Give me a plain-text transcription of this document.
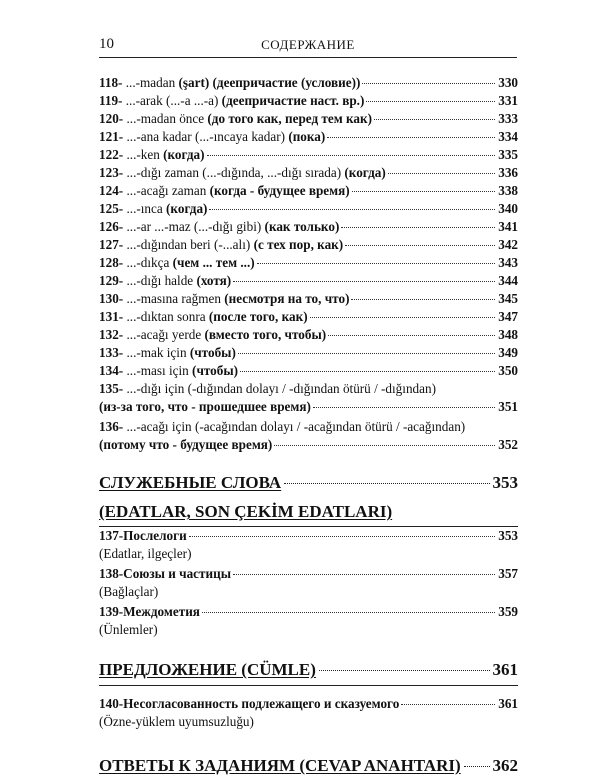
10	СОДЕРЖАНИЕ
118- ...-madan (şart) (деепричастие (условие))	330
119- ...-arak (...-a ...-a) (деепричастие наст. вр.)	331
120- ...-madan önce (до того как, перед тем как)	333
121- ...-ana kadar (...-ıncaya kadar) (пока)	334
122- ...-ken (когда)	335
123- ...-dığı zaman (...-dığında, ...-dığı sırada) (когда)	336
124- ...-acağı zaman (когда - будущее время)	338
125- ...-ınca (когда)	340
126- ...-ar ...-maz (...-dığı gibi) (как только)	341
127- ...-dığından beri (-...alı) (с тех пор, как)	342
128- ...-dıkça (чем ... тем ...)	343
129- ...-dığı halde (хотя)	344
130- ...-masına rağmen (несмотря на то, что)	345
131- ...-dıktan sonra (после того, как)	347
132- ...-acağı yerde (вместо того, чтобы)	348
133- ...-mak için (чтобы)	349
134- ...-ması için (чтобы)	350
135- ...-dığı için (-dığından dolayı / -dığından ötürü / -dığından)
(из-за того, что - прошедшее время)	351
136- ...-acağı için (-acağından dolayı / -acağından ötürü / -acağından)
(потому что - будущее время)	352
СЛУЖЕБНЫЕ СЛОВА	353
(EDATLAR, SON ÇEKİM EDATLARI)
137-Послелоги	353
(Edatlar, ilgeçler)
138-Союзы и частицы	357
(Bağlaçlar)
139-Междометия	359
(Ünlemler)
ПРЕДЛОЖЕНИЕ (CÜMLE)	361
140-Несогласованность подлежащего и сказуемого	361
(Özne-yüklem uyumsuzluğu)
ОТВЕТЫ К ЗАДАНИЯМ (CEVAP ANAHTARI) 362
